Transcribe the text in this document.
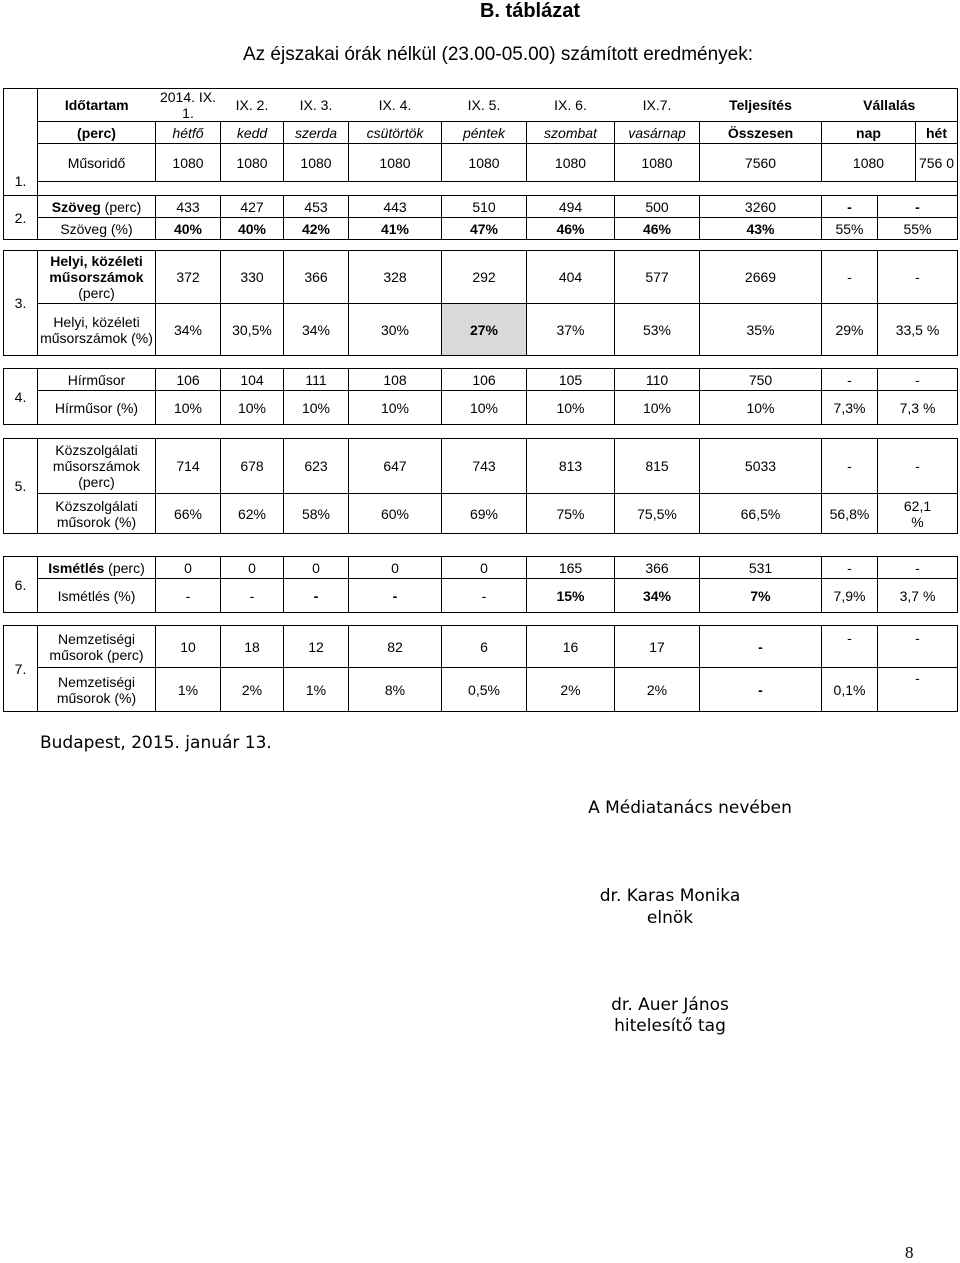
B. táblázat
Az éjszakai órák nélkül (23.00-05.00) számított eredmények:
1.	Időtartam	2014. IX. 1.	IX. 2.	IX. 3.	IX. 4.	IX. 5.	IX. 6.	IX.7.	Teljesítés	Vállalás	
	(perc)	hétfő	kedd	szerda	csütörtök	péntek	szombat	vasárnap	Összesen	nap	hét
	Műsoridő	1080	1080	1080	1080	1080	1080	1080	7560	1080	756 0

2.	Szöveg (perc)	433	427	453	443	510	494	500	3260	-	-
	Szöveg (%)	40%	40%	42%	41%	47%	46%	46%	43%	55%	55%
3.	Helyi, közéleti műsorszámok
(perc)	372	330	366	328	292	404	577	2669	-	-
	Helyi, közéleti műsorszámok (%)	34%	30,5%	34%	30%	27%	37%	53%	35%	29%	33,5 %
4.	Hírműsor	106	104	111	108	106	105	110	750	-	-
	Hírműsor (%)	10%	10%	10%	10%	10%	10%	10%	10%	7,3%	7,3 %
5.	Közszolgálati műsorszámok (perc)	714	678	623	647	743	813	815	5033	-	-
	Közszolgálati műsorok (%)	66%	62%	58%	60%	69%	75%	75,5%	66,5%	56,8%	62,1 %
6.	Ismétlés (perc)	0	0	0	0	0	165	366	531	-	-
	Ismétlés (%)	-	-	-	-	-	15%	34%	7%	7,9%	3,7 %
7.	Nemzetiségi műsorok (perc)	10	18	12	82	6	16	17	-	-	-
	Nemzetiségi műsorok (%)	1%	2%	1%	8%	0,5%	2%	2%	-	0,1%	-
Budapest, 2015. január 13.
A Médiatanács nevében
dr. Karas Monika
elnök
dr. Auer János
hitelesítő tag
8
